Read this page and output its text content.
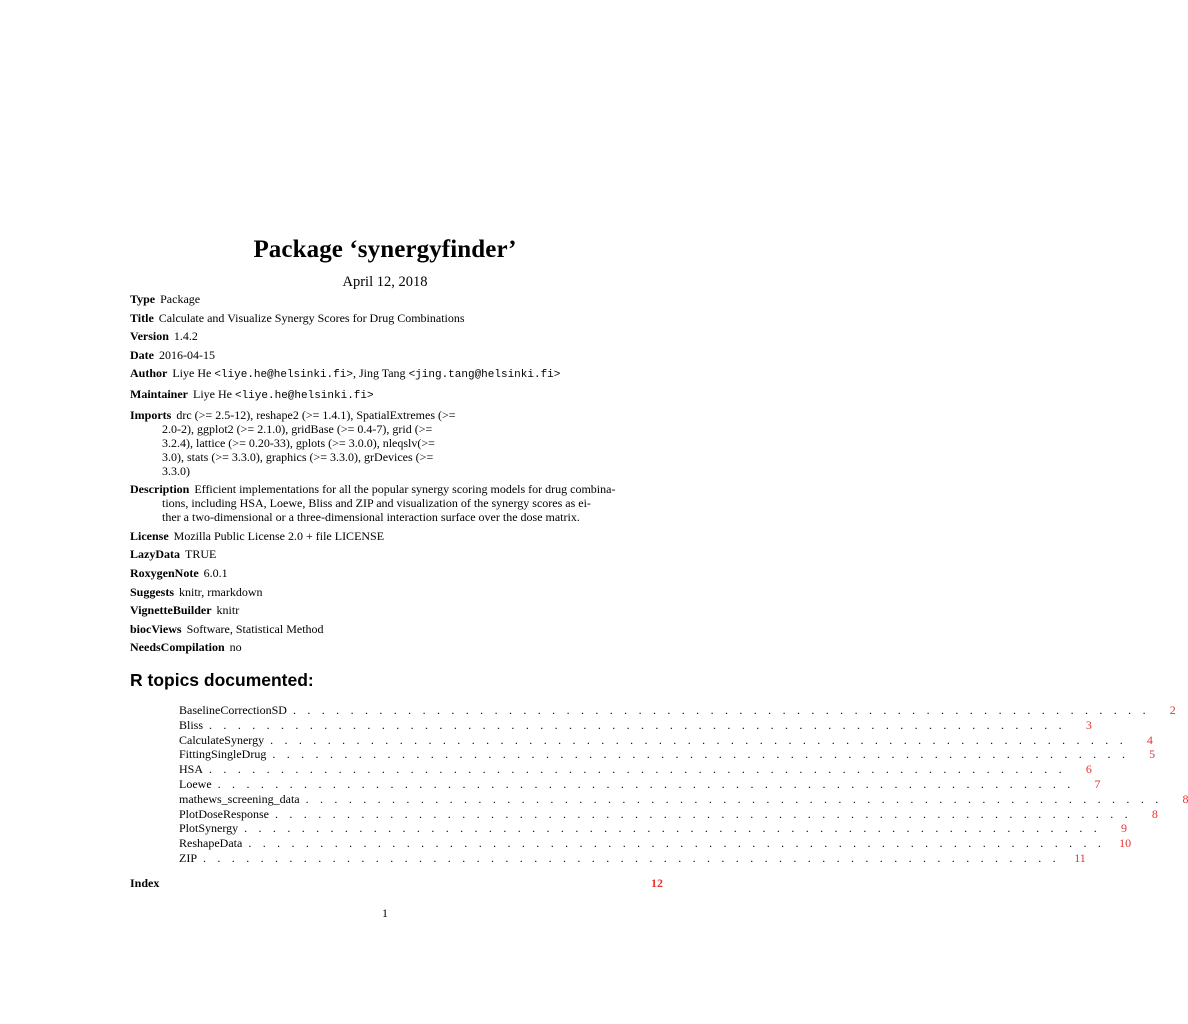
Package ‘synergyfinder’
April 12, 2018
Type Package
Title Calculate and Visualize Synergy Scores for Drug Combinations
Version 1.4.2
Date 2016-04-15
Author Liye He <liye.he@helsinki.fi>, Jing Tang <jing.tang@helsinki.fi>
Maintainer Liye He <liye.he@helsinki.fi>
Imports drc (>= 2.5-12), reshape2 (>= 1.4.1), SpatialExtremes (>=
2.0-2), ggplot2 (>= 2.1.0), gridBase (>= 0.4-7), grid (>=
3.2.4), lattice (>= 0.20-33), gplots (>= 3.0.0), nleqslv(>=
3.0), stats (>= 3.3.0), graphics (>= 3.3.0), grDevices (>=
3.3.0)
Description Efficient implementations for all the popular synergy scoring models for drug combina-
tions, including HSA, Loewe, Bliss and ZIP and visualization of the synergy scores as ei-
ther a two-dimensional or a three-dimensional interaction surface over the dose matrix.
License Mozilla Public License 2.0 + file LICENSE
LazyData TRUE
RoxygenNote 6.0.1
Suggests knitr, rmarkdown
VignetteBuilder knitr
biocViews Software, Statistical Method
NeedsCompilation no
R topics documented:
BaselineCorrectionSD . . . . . . . . . . . . . . . . . . . . . . . . . . . . . . . . . . . . . . . . . . . . . . . . . . . . . . . . . . . .	2
Bliss . . . . . . . . . . . . . . . . . . . . . . . . . . . . . . . . . . . . . . . . . . . . . . . . . . . . . . . . . . . .	3
CalculateSynergy . . . . . . . . . . . . . . . . . . . . . . . . . . . . . . . . . . . . . . . . . . . . . . . . . . . . . . . . . . . .	4
FittingSingleDrug . . . . . . . . . . . . . . . . . . . . . . . . . . . . . . . . . . . . . . . . . . . . . . . . . . . . . . . . . . . .	5
HSA . . . . . . . . . . . . . . . . . . . . . . . . . . . . . . . . . . . . . . . . . . . . . . . . . . . . . . . . . . . .	6
Loewe . . . . . . . . . . . . . . . . . . . . . . . . . . . . . . . . . . . . . . . . . . . . . . . . . . . . . . . . . . . .	7
mathews_screening_data . . . . . . . . . . . . . . . . . . . . . . . . . . . . . . . . . . . . . . . . . . . . . . . . . . . . . . . . . . . .	8
PlotDoseResponse . . . . . . . . . . . . . . . . . . . . . . . . . . . . . . . . . . . . . . . . . . . . . . . . . . . . . . . . . . . .	8
PlotSynergy . . . . . . . . . . . . . . . . . . . . . . . . . . . . . . . . . . . . . . . . . . . . . . . . . . . . . . . . . . . .	9
ReshapeData . . . . . . . . . . . . . . . . . . . . . . . . . . . . . . . . . . . . . . . . . . . . . . . . . . . . . . . . . . . .	10
ZIP . . . . . . . . . . . . . . . . . . . . . . . . . . . . . . . . . . . . . . . . . . . . . . . . . . . . . . . . . . . .	11
Index	12
1
